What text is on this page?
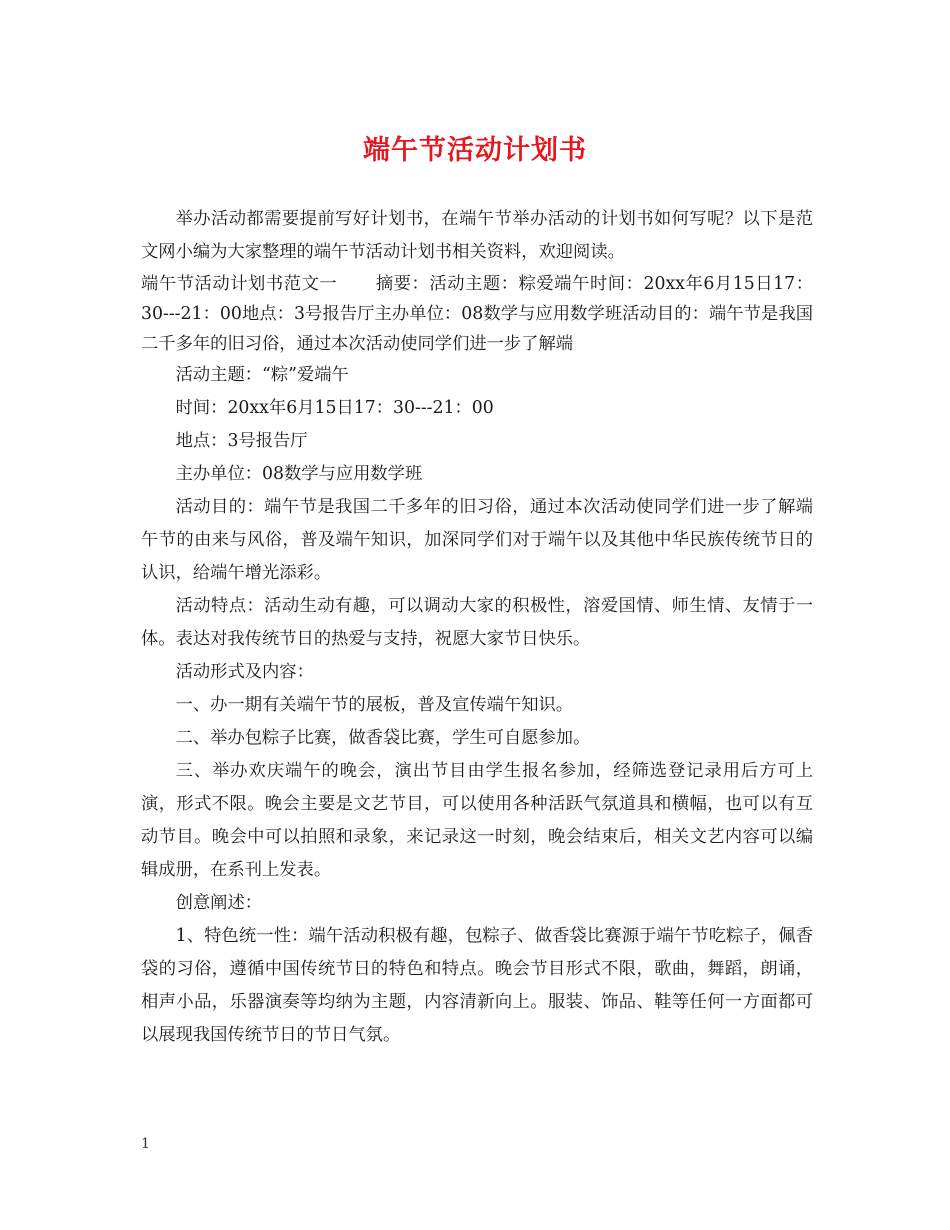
端午节活动计划书

举办活动都需要提前写好计划书，在端午节举办活动的计划书如何写呢？以下是范文网小编为大家整理的端午节活动计划书相关资料，欢迎阅读。

端午节活动计划书范文一 摘要：活动主题：粽爱端午时间：20xx年6月15日17：30---21：00地点：3号报告厅主办单位：08数学与应用数学班活动目的：端午节是我国二千多年的旧习俗，通过本次活动使同学们进一步了解端

活动主题：“粽”爱端午

时间：20xx年6月15日17：30---21：00

地点：3号报告厅

主办单位：08数学与应用数学班

活动目的：端午节是我国二千多年的旧习俗，通过本次活动使同学们进一步了解端午节的由来与风俗，普及端午知识，加深同学们对于端午以及其他中华民族传统节日的认识，给端午增光添彩。

活动特点：活动生动有趣，可以调动大家的积极性，溶爱国情、师生情、友情于一体。表达对我传统节日的热爱与支持，祝愿大家节日快乐。

活动形式及内容：

一、办一期有关端午节的展板，普及宣传端午知识。

二、举办包粽子比赛，做香袋比赛，学生可自愿参加。

三、举办欢庆端午的晚会，演出节目由学生报名参加，经筛选登记录用后方可上演，形式不限。晚会主要是文艺节目，可以使用各种活跃气氛道具和横幅，也可以有互动节目。晚会中可以拍照和录象，来记录这一时刻，晚会结束后，相关文艺内容可以编辑成册，在系刊上发表。

创意阐述：

1、特色统一性：端午活动积极有趣，包粽子、做香袋比赛源于端午节吃粽子，佩香袋的习俗，遵循中国传统节日的特色和特点。晚会节目形式不限，歌曲，舞蹈，朗诵，相声小品，乐器演奏等均纳为主题，内容清新向上。服装、饰品、鞋等任何一方面都可以展现我国传统节日的节日气氛。

1
